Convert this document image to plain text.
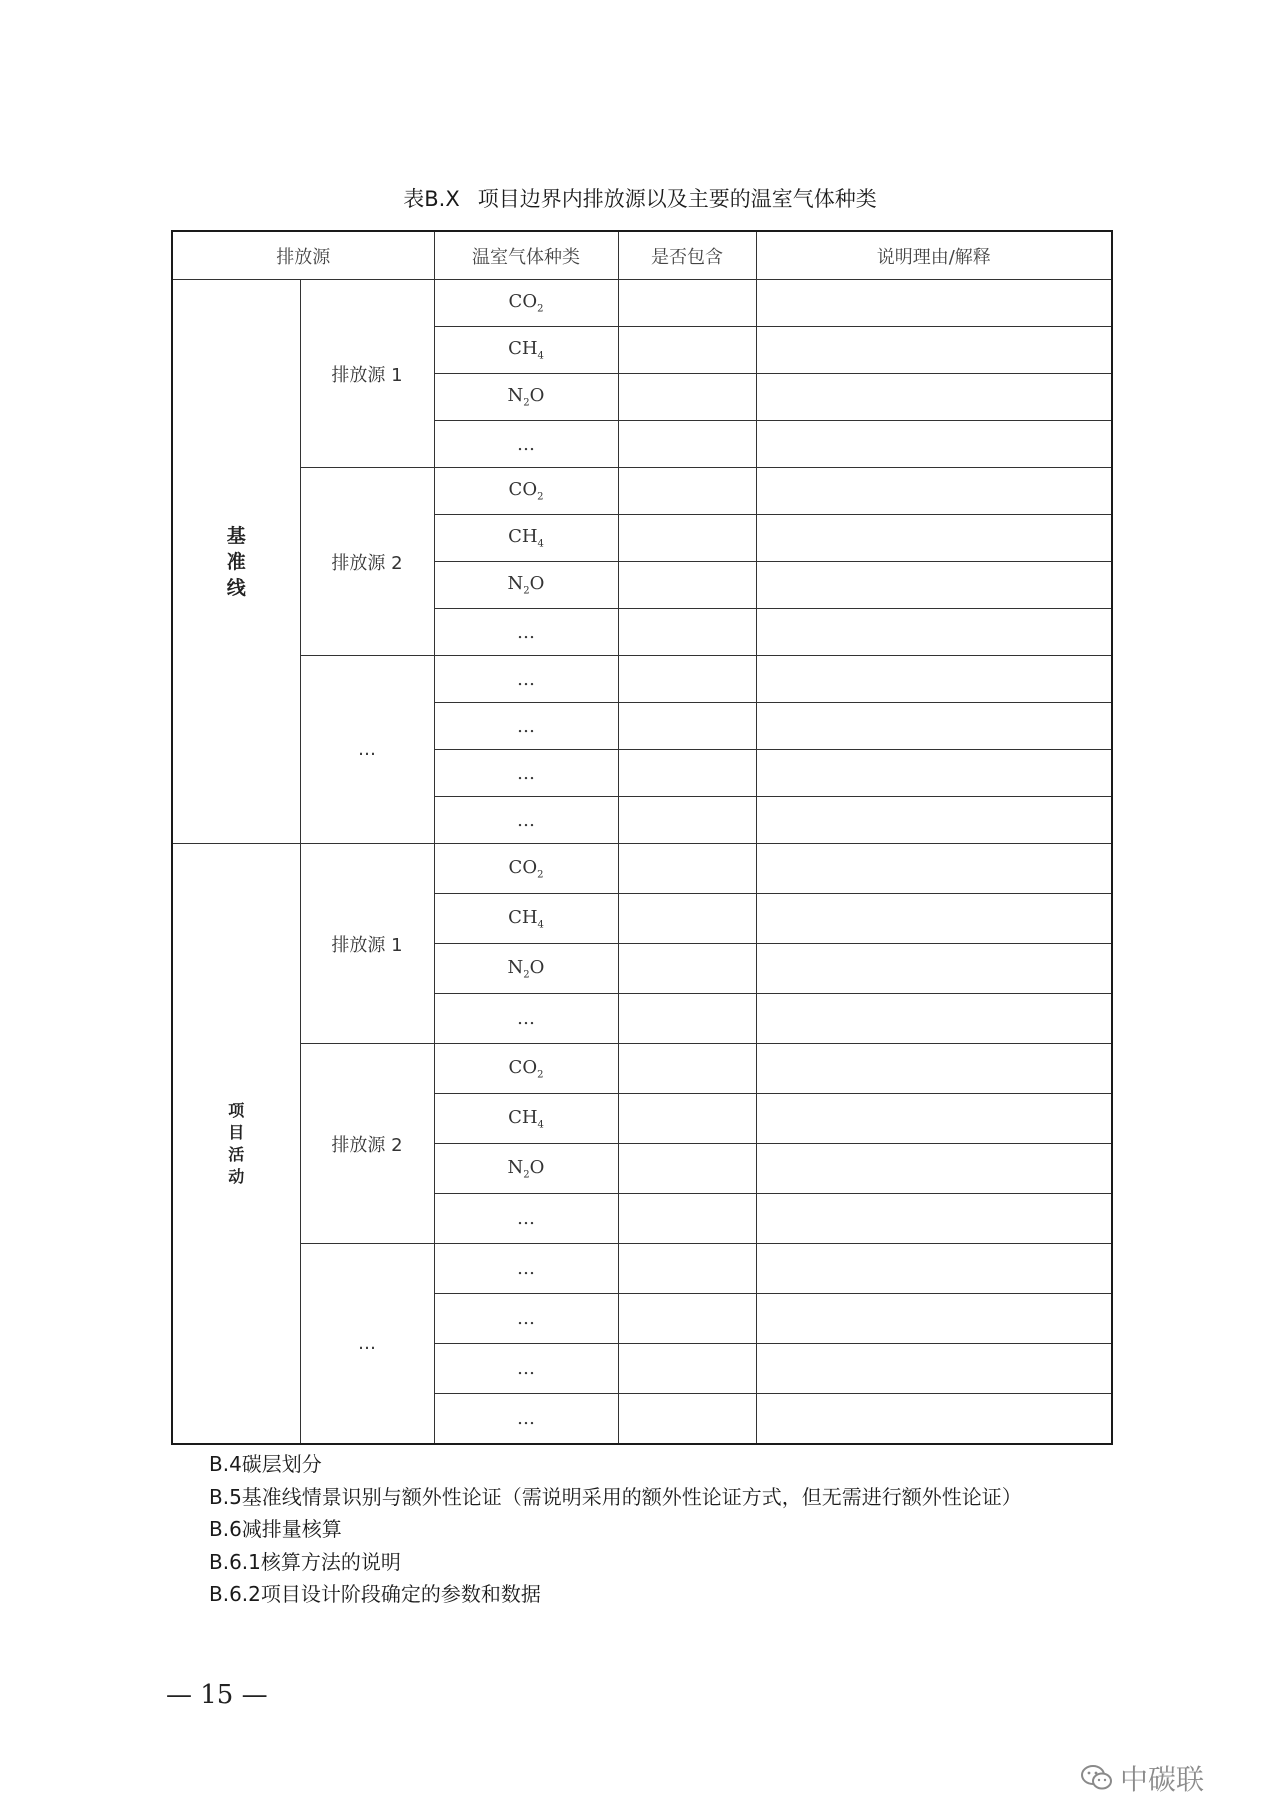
表B.X 项目边界内排放源以及主要的温室气体种类
排放源		温室气体种类	是否包含	说明理由/解释
基准线	排放源 1	$CO_2$		
		$CH_4$		
		$N_2O$		
		…		
	排放源 2	$CO_2$		
		$CH_4$		
		$N_2O$		
		…		
	…	…		
		…		
		…		
		…		
项目活动	排放源 1	$CO_2$		
		$CH_4$		
		$N_2O$		
		…		
	排放源 2	$CO_2$		
		$CH_4$		
		$N_2O$		
		…		
	…	…		
		…		
		…		
		…		
B.4碳层划分
B.5基准线情景识别与额外性论证（需说明采用的额外性论证方式，但无需进行额外性论证）
B.6减排量核算
B.6.1核算方法的说明
B.6.2项目设计阶段确定的参数和数据
— 15 —
中碳联
